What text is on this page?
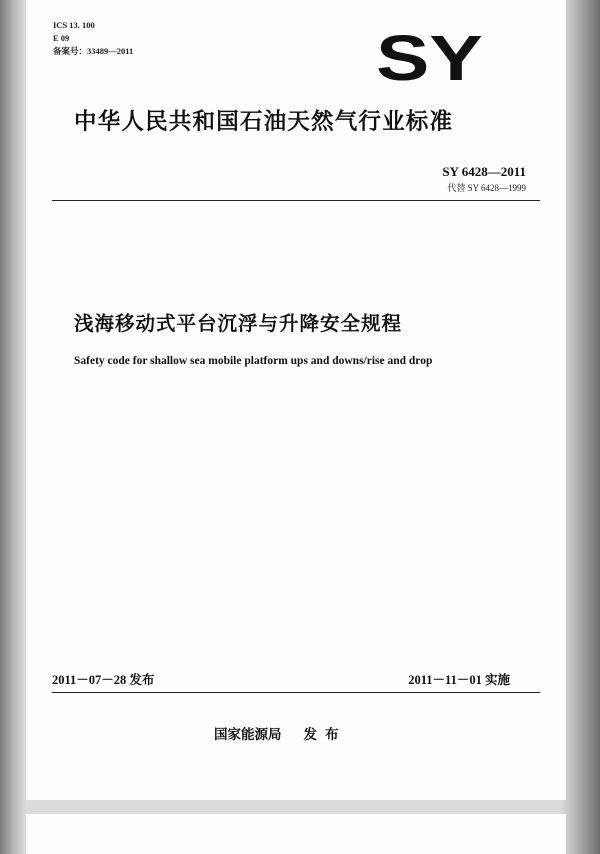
ICS 13. 100
E 09
备案号：33489—2011	SY
中华人民共和国石油天然气行业标准
SY 6428—2011
代替 SY 6428—1999
浅海移动式平台沉浮与升降安全规程
Safety code for shallow sea mobile platform ups and downs/rise and drop
2011－07－28 发布	2011－11－01 实施
国家能源局 发布
